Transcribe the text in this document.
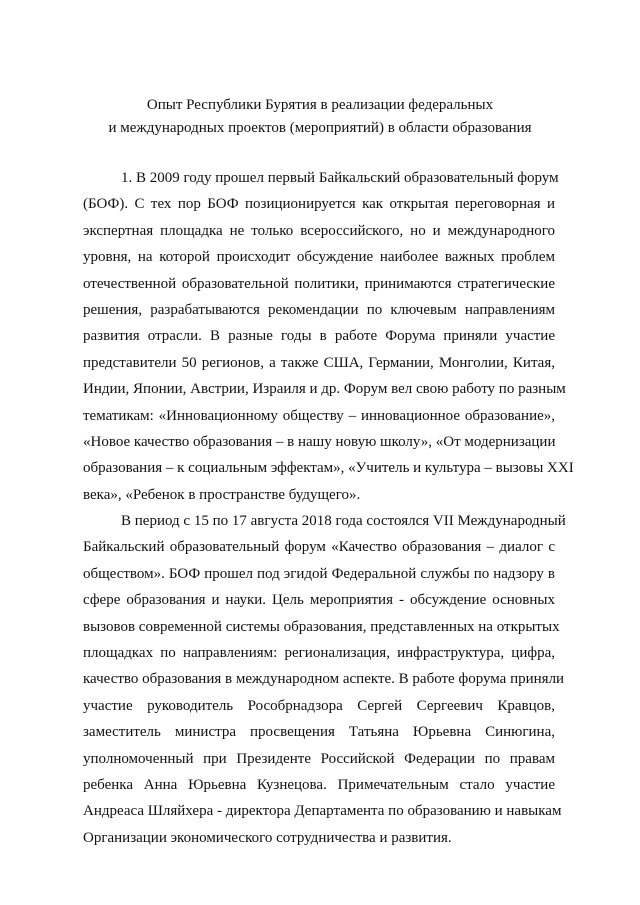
Опыт Республики Бурятия в реализации федеральных
и международных проектов (мероприятий) в области образования
1. В 2009 году прошел первый Байкальский образовательный форум
(БОФ). С тех пор БОФ позиционируется как открытая переговорная и
экспертная площадка не только всероссийского, но и международного
уровня, на которой происходит обсуждение наиболее важных проблем
отечественной образовательной политики, принимаются стратегические
решения, разрабатываются рекомендации по ключевым направлениям
развития отрасли. В разные годы в работе Форума приняли участие
представители 50 регионов, а также США, Германии, Монголии, Китая,
Индии, Японии, Австрии, Израиля и др. Форум вел свою работу по разным
тематикам: «Инновационному обществу – инновационное образование»,
«Новое качество образования – в нашу новую школу», «От модернизации
образования – к социальным эффектам», «Учитель и культура – вызовы XXI
века», «Ребенок в пространстве будущего».
В период с 15 по 17 августа 2018 года состоялся VII Международный
Байкальский образовательный форум «Качество образования – диалог с
обществом». БОФ прошел под эгидой Федеральной службы по надзору в
сфере образования и науки. Цель мероприятия - обсуждение основных
вызовов современной системы образования, представленных на открытых
площадках по направлениям: регионализация, инфраструктура, цифра,
качество образования в международном аспекте. В работе форума приняли
участие руководитель Рособрнадзора Сергей Сергеевич Кравцов,
заместитель министра просвещения Татьяна Юрьевна Синюгина,
уполномоченный при Президенте Российской Федерации по правам
ребенка Анна Юрьевна Кузнецова. Примечательным стало участие
Андреаса Шляйхера - директора Департамента по образованию и навыкам
Организации экономического сотрудничества и развития.
